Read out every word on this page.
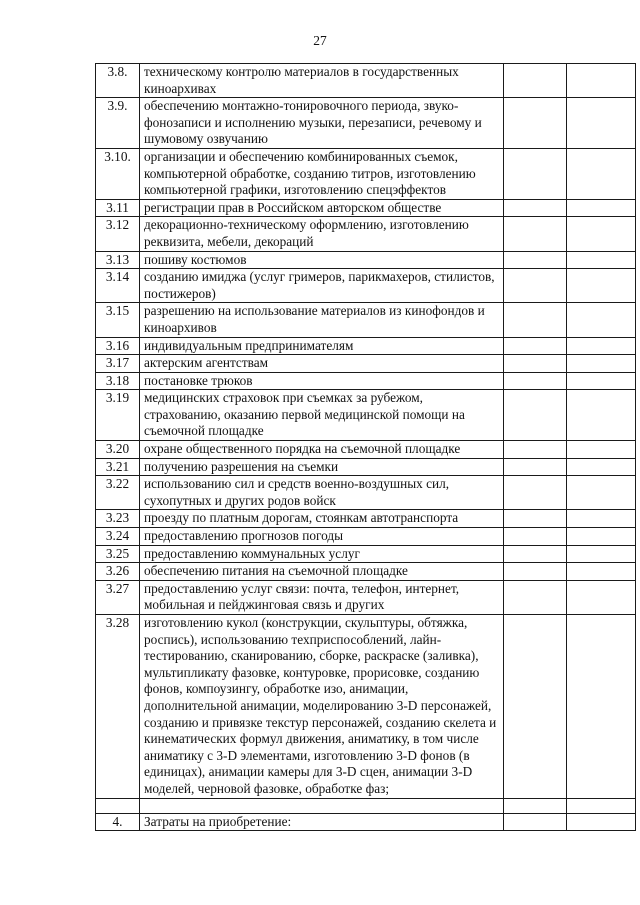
27
3.8.	техническому контролю материалов в государственных киноархивах		
3.9.	обеспечению монтажно-тонировочного периода, звуко-фонозаписи и исполнению музыки, перезаписи, речевому и шумовому озвучанию		
3.10.	организации и обеспечению комбинированных съемок, компьютерной обработке, созданию титров, изготовлению компьютерной графики, изготовлению спецэффектов		
3.11	регистрации прав в Российском авторском обществе		
3.12	декорационно-техническому оформлению, изготовлению реквизита, мебели, декораций		
3.13	пошиву костюмов		
3.14	созданию имиджа (услуг гримеров, парикмахеров, стилистов, постижеров)		
3.15	разрешению на использование материалов из кинофондов и киноархивов		
3.16	индивидуальным предпринимателям		
3.17	актерским агентствам		
3.18	постановке трюков		
3.19	медицинских страховок при съемках за рубежом, страхованию, оказанию первой медицинской помощи на съемочной площадке		
3.20	охране общественного порядка на съемочной площадке		
3.21	получению разрешения на съемки		
3.22	использованию сил и средств военно-воздушных сил, сухопутных и других родов войск		
3.23	проезду по платным дорогам, стоянкам автотранспорта		
3.24	предоставлению прогнозов погоды		
3.25	предоставлению коммунальных услуг		
3.26	обеспечению питания на съемочной площадке		
3.27	предоставлению услуг связи: почта, телефон, интернет, мобильная и пейджинговая связь и других		
3.28	изготовлению кукол (конструкции, скульптуры, обтяжка, роспись), использованию техприспособлений, лайн-тестированию, сканированию, сборке, раскраске (заливка), мультипликату фазовке, контуровке, прорисовке, созданию фонов, компоузингу, обработке изо, анимации, дополнительной анимации, моделированию 3-D персонажей, созданию и привязке текстур персонажей, созданию скелета и кинематических формул движения, аниматику, в том числе аниматику с 3-D элементами, изготовлению 3-D фонов (в единицах), анимации камеры для 3-D сцен, анимации 3-D моделей, черновой фазовке, обработке фаз;		

4.	Затраты на приобретение:		
